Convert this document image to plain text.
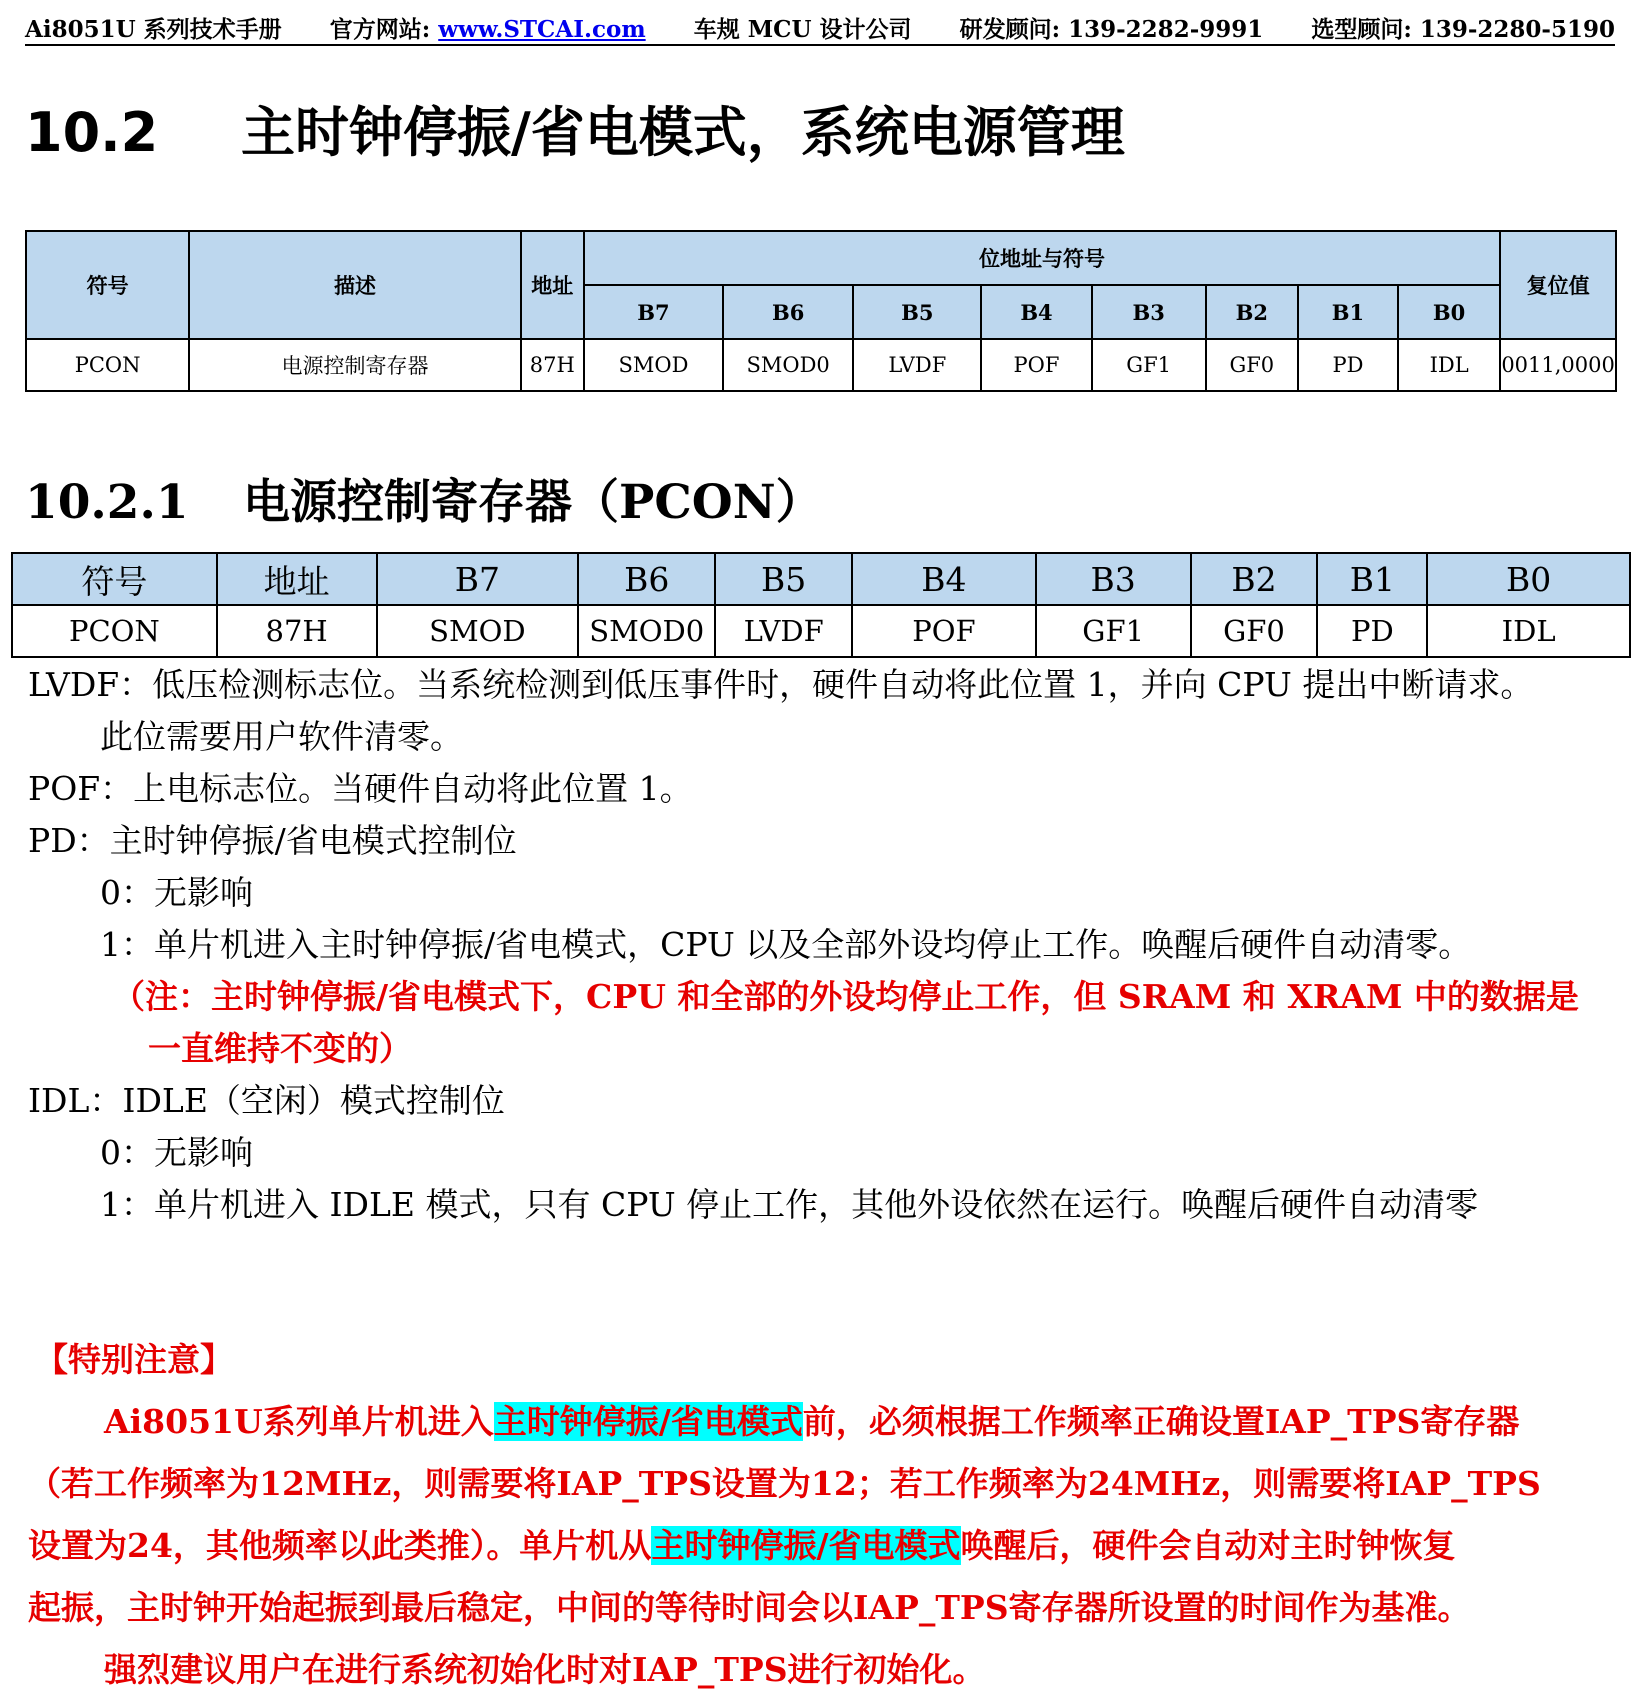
Ai8051U 系列技术手册 官方网站: www.STCAI.com 车规 MCU 设计公司 研发顾问: 139-2282-9991 选型顾问: 139-2280-5190
10.2 主时钟停振/省电模式，系统电源管理
符号	描述	地址	位地址与符号								复位值
			B7	B6	B5	B4	B3	B2	B1	B0	
PCON	电源控制寄存器	87H	SMOD	SMOD0	LVDF	POF	GF1	GF0	PD	IDL	0011,0000
10.2.1 电源控制寄存器（PCON）
符号	地址	B7	B6	B5	B4	B3	B2	B1	B0
PCON	87H	SMOD	SMOD0	LVDF	POF	GF1	GF0	PD	IDL
LVDF：低压检测标志位。当系统检测到低压事件时，硬件自动将此位置 1，并向 CPU 提出中断请求。
此位需要用户软件清零。
POF：上电标志位。当硬件自动将此位置 1。
PD：主时钟停振/省电模式控制位
0：无影响
1：单片机进入主时钟停振/省电模式，CPU 以及全部外设均停止工作。唤醒后硬件自动清零。
（注：主时钟停振/省电模式下，CPU 和全部的外设均停止工作，但 SRAM 和 XRAM 中的数据是
一直维持不变的）
IDL：IDLE（空闲）模式控制位
0：无影响
1：单片机进入 IDLE 模式，只有 CPU 停止工作，其他外设依然在运行。唤醒后硬件自动清零
【特别注意】
Ai8051U系列单片机进入主时钟停振/省电模式前，必须根据工作频率正确设置IAP_TPS寄存器
（若工作频率为12MHz，则需要将IAP_TPS设置为12；若工作频率为24MHz，则需要将IAP_TPS
设置为24，其他频率以此类推）。单片机从主时钟停振/省电模式唤醒后，硬件会自动对主时钟恢复
起振，主时钟开始起振到最后稳定，中间的等待时间会以IAP_TPS寄存器所设置的时间作为基准。
强烈建议用户在进行系统初始化时对IAP_TPS进行初始化。
